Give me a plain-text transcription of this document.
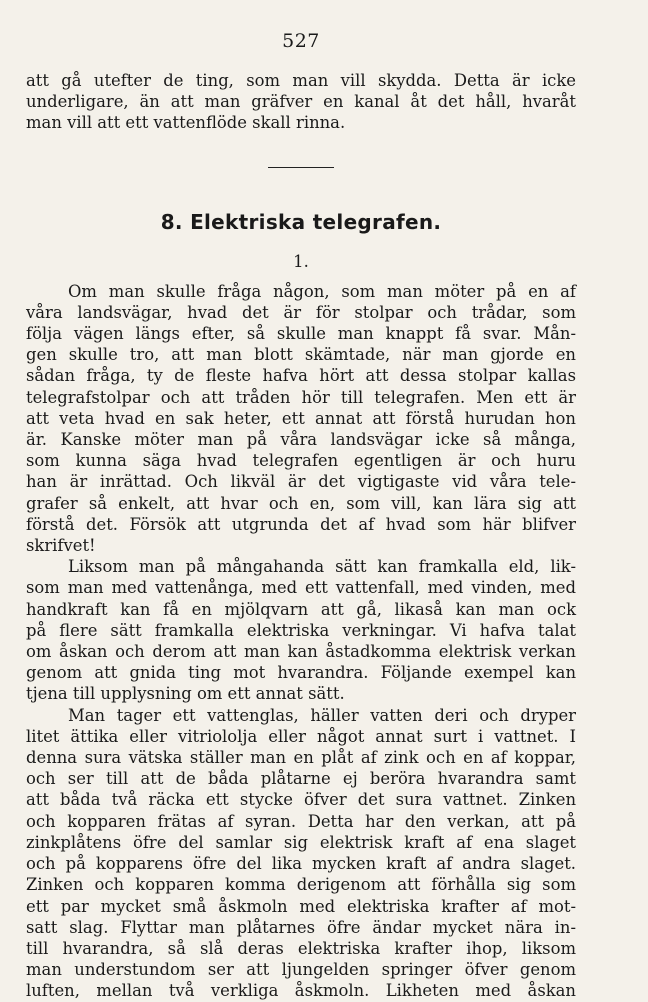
527
att gå utefter de ting, som man vill skydda. Detta är icke
underligare, än att man gräfver en kanal åt det håll, hvaråt
man vill att ett vattenflöde skall rinna.
8. Elektriska telegrafen.
1.
Om man skulle fråga någon, som man möter på en af
våra landsvägar, hvad det är för stolpar och trådar, som
följa vägen längs efter, så skulle man knappt få svar. Mån-
gen skulle tro, att man blott skämtade, när man gjorde en
sådan fråga, ty de fleste hafva hört att dessa stolpar kallas
telegrafstolpar och att tråden hör till telegrafen. Men ett är
att veta hvad en sak heter, ett annat att förstå hurudan hon
är. Kanske möter man på våra landsvägar icke så många,
som kunna säga hvad telegrafen egentligen är och huru
han är inrättad. Och likväl är det vigtigaste vid våra tele-
grafer så enkelt, att hvar och en, som vill, kan lära sig att
förstå det. Försök att utgrunda det af hvad som här blifver
skrifvet!
Liksom man på mångahanda sätt kan framkalla eld, lik-
som man med vattenånga, med ett vattenfall, med vinden, med
handkraft kan få en mjölqvarn att gå, likaså kan man ock
på flere sätt framkalla elektriska verkningar. Vi hafva talat
om åskan och derom att man kan åstadkomma elektrisk verkan
genom att gnida ting mot hvarandra. Följande exempel kan
tjena till upplysning om ett annat sätt.
Man tager ett vattenglas, häller vatten deri och dryper
litet ättika eller vitriololja eller något annat surt i vattnet. I
denna sura vätska ställer man en plåt af zink och en af koppar,
och ser till att de båda plåtarne ej beröra hvarandra samt
att båda två räcka ett stycke öfver det sura vattnet. Zinken
och kopparen frätas af syran. Detta har den verkan, att på
zinkplåtens öfre del samlar sig elektrisk kraft af ena slaget
och på kopparens öfre del lika mycken kraft af andra slaget.
Zinken och kopparen komma derigenom att förhålla sig som
ett par mycket små åskmoln med elektriska krafter af mot-
satt slag. Flyttar man plåtarnes öfre ändar mycket nära in-
till hvarandra, så slå deras elektriska krafter ihop, liksom
man understundom ser att ljungelden springer öfver genom
luften, mellan två verkliga åskmoln. Likheten med åskan
